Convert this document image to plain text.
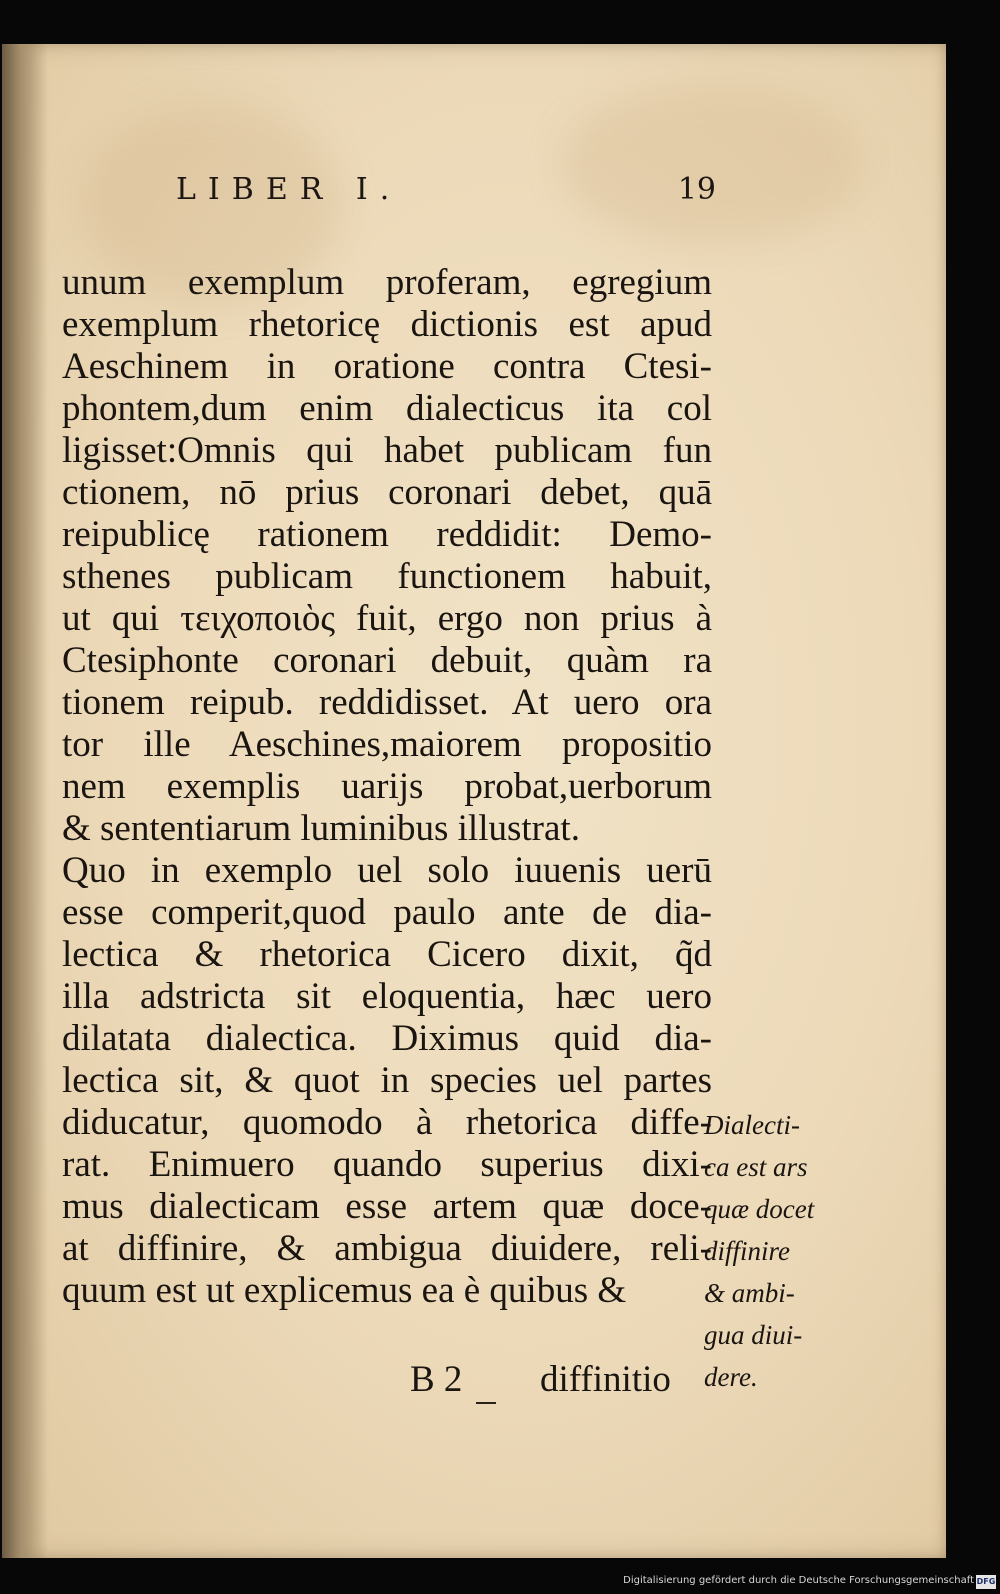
LIBER I.	19
unum exemplum proferam, egregium
exemplum rhetoricę dictionis est apud
Aeschinem in oratione contra Ctesi-
phontem,dum enim dialecticus ita col
ligisset:Omnis qui habet publicam fun
ctionem, nō prius coronari debet, quā
reipublicę rationem reddidit: Demo-
sthenes publicam functionem habuit,
ut qui τειχοποιὸς fuit, ergo non prius à
Ctesiphonte coronari debuit, quàm ra
tionem reipub. reddidisset. At uero ora
tor ille Aeschines,maiorem propositio
nem exemplis uarijs probat,uerborum
& sententiarum luminibus illustrat.
Quo in exemplo uel solo iuuenis uerū
esse comperit,quod paulo ante de dia-
lectica & rhetorica Cicero dixit, q̃d
illa adstricta sit eloquentia, hæc uero
dilatata dialectica. Diximus quid dia-
lectica sit, & quot in species uel partes
diducatur, quomodo à rhetorica diffe-
rat. Enimuero quando superius dixi-
mus dialecticam esse artem quæ doce-
at diffinire, & ambigua diuidere, reli-
quum est ut explicemus ea è quibus &
Dialecti-
ca est ars
quæ docet
diffinire
& ambi-
gua diui-
dere.
B 2 diffinitio
Digitalisierung gefördert durch die Deutsche Forschungsgemeinschaft DFG
